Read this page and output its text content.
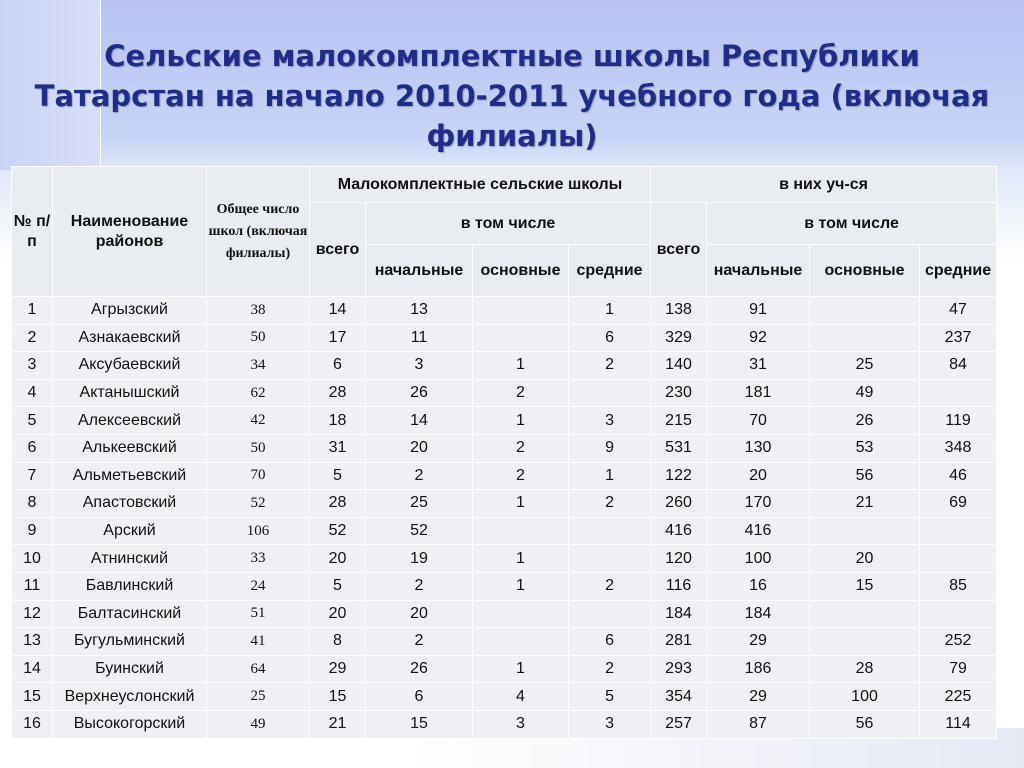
Сельские малокомплектные школы Республики Татарстан на начало 2010-2011 учебного года (включая филиалы)
№ п/п	Наименование районов	Общее число школ (включая филиалы)	Малокомплектные сельские школы				в них уч-ся			
			всего	в том числе			всего	в том числе		
				начальные	основные	средние		начальные	основные	средние
1	Агрызский	38	14	13		1	138	91		47
2	Азнакаевский	50	17	11		6	329	92		237
3	Аксубаевский	34	6	3	1	2	140	31	25	84
4	Актанышский	62	28	26	2		230	181	49	
5	Алексеевский	42	18	14	1	3	215	70	26	119
6	Алькеевский	50	31	20	2	9	531	130	53	348
7	Альметьевский	70	5	2	2	1	122	20	56	46
8	Апастовский	52	28	25	1	2	260	170	21	69
9	Арский	106	52	52			416	416		
10	Атнинский	33	20	19	1		120	100	20	
11	Бавлинский	24	5	2	1	2	116	16	15	85
12	Балтасинский	51	20	20			184	184		
13	Бугульминский	41	8	2		6	281	29		252
14	Буинский	64	29	26	1	2	293	186	28	79
15	Верхнеуслонский	25	15	6	4	5	354	29	100	225
16	Высокогорский	49	21	15	3	3	257	87	56	114
